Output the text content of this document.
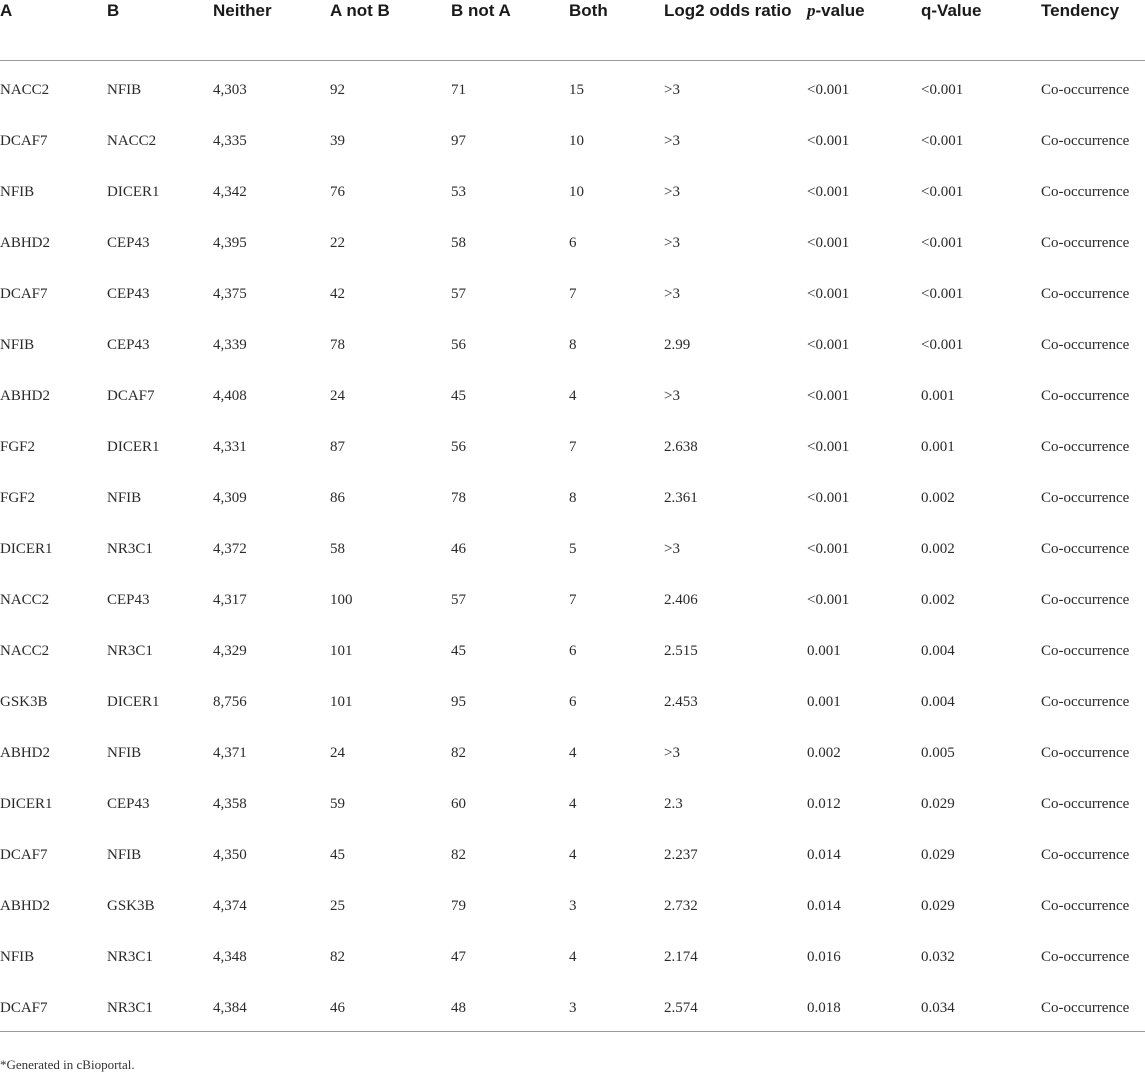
A	B	Neither	A not B	B not A	Both	Log2 odds ratio	p-value	q-Value	Tendency
NACC2	NFIB	4,303	92	71	15	>3	<0.001	<0.001	Co-occurrence

DCAF7	NACC2	4,335	39	97	10	>3	<0.001	<0.001	Co-occurrence

NFIB	DICER1	4,342	76	53	10	>3	<0.001	<0.001	Co-occurrence

ABHD2	CEP43	4,395	22	58	6	>3	<0.001	<0.001	Co-occurrence

DCAF7	CEP43	4,375	42	57	7	>3	<0.001	<0.001	Co-occurrence

NFIB	CEP43	4,339	78	56	8	2.99	<0.001	<0.001	Co-occurrence

ABHD2	DCAF7	4,408	24	45	4	>3	<0.001	0.001	Co-occurrence

FGF2	DICER1	4,331	87	56	7	2.638	<0.001	0.001	Co-occurrence

FGF2	NFIB	4,309	86	78	8	2.361	<0.001	0.002	Co-occurrence

DICER1	NR3C1	4,372	58	46	5	>3	<0.001	0.002	Co-occurrence

NACC2	CEP43	4,317	100	57	7	2.406	<0.001	0.002	Co-occurrence

NACC2	NR3C1	4,329	101	45	6	2.515	0.001	0.004	Co-occurrence

GSK3B	DICER1	8,756	101	95	6	2.453	0.001	0.004	Co-occurrence

ABHD2	NFIB	4,371	24	82	4	>3	0.002	0.005	Co-occurrence

DICER1	CEP43	4,358	59	60	4	2.3	0.012	0.029	Co-occurrence

DCAF7	NFIB	4,350	45	82	4	2.237	0.014	0.029	Co-occurrence

ABHD2	GSK3B	4,374	25	79	3	2.732	0.014	0.029	Co-occurrence

NFIB	NR3C1	4,348	82	47	4	2.174	0.016	0.032	Co-occurrence

DCAF7	NR3C1	4,384	46	48	3	2.574	0.018	0.034	Co-occurrence
*Generated in cBioportal.
